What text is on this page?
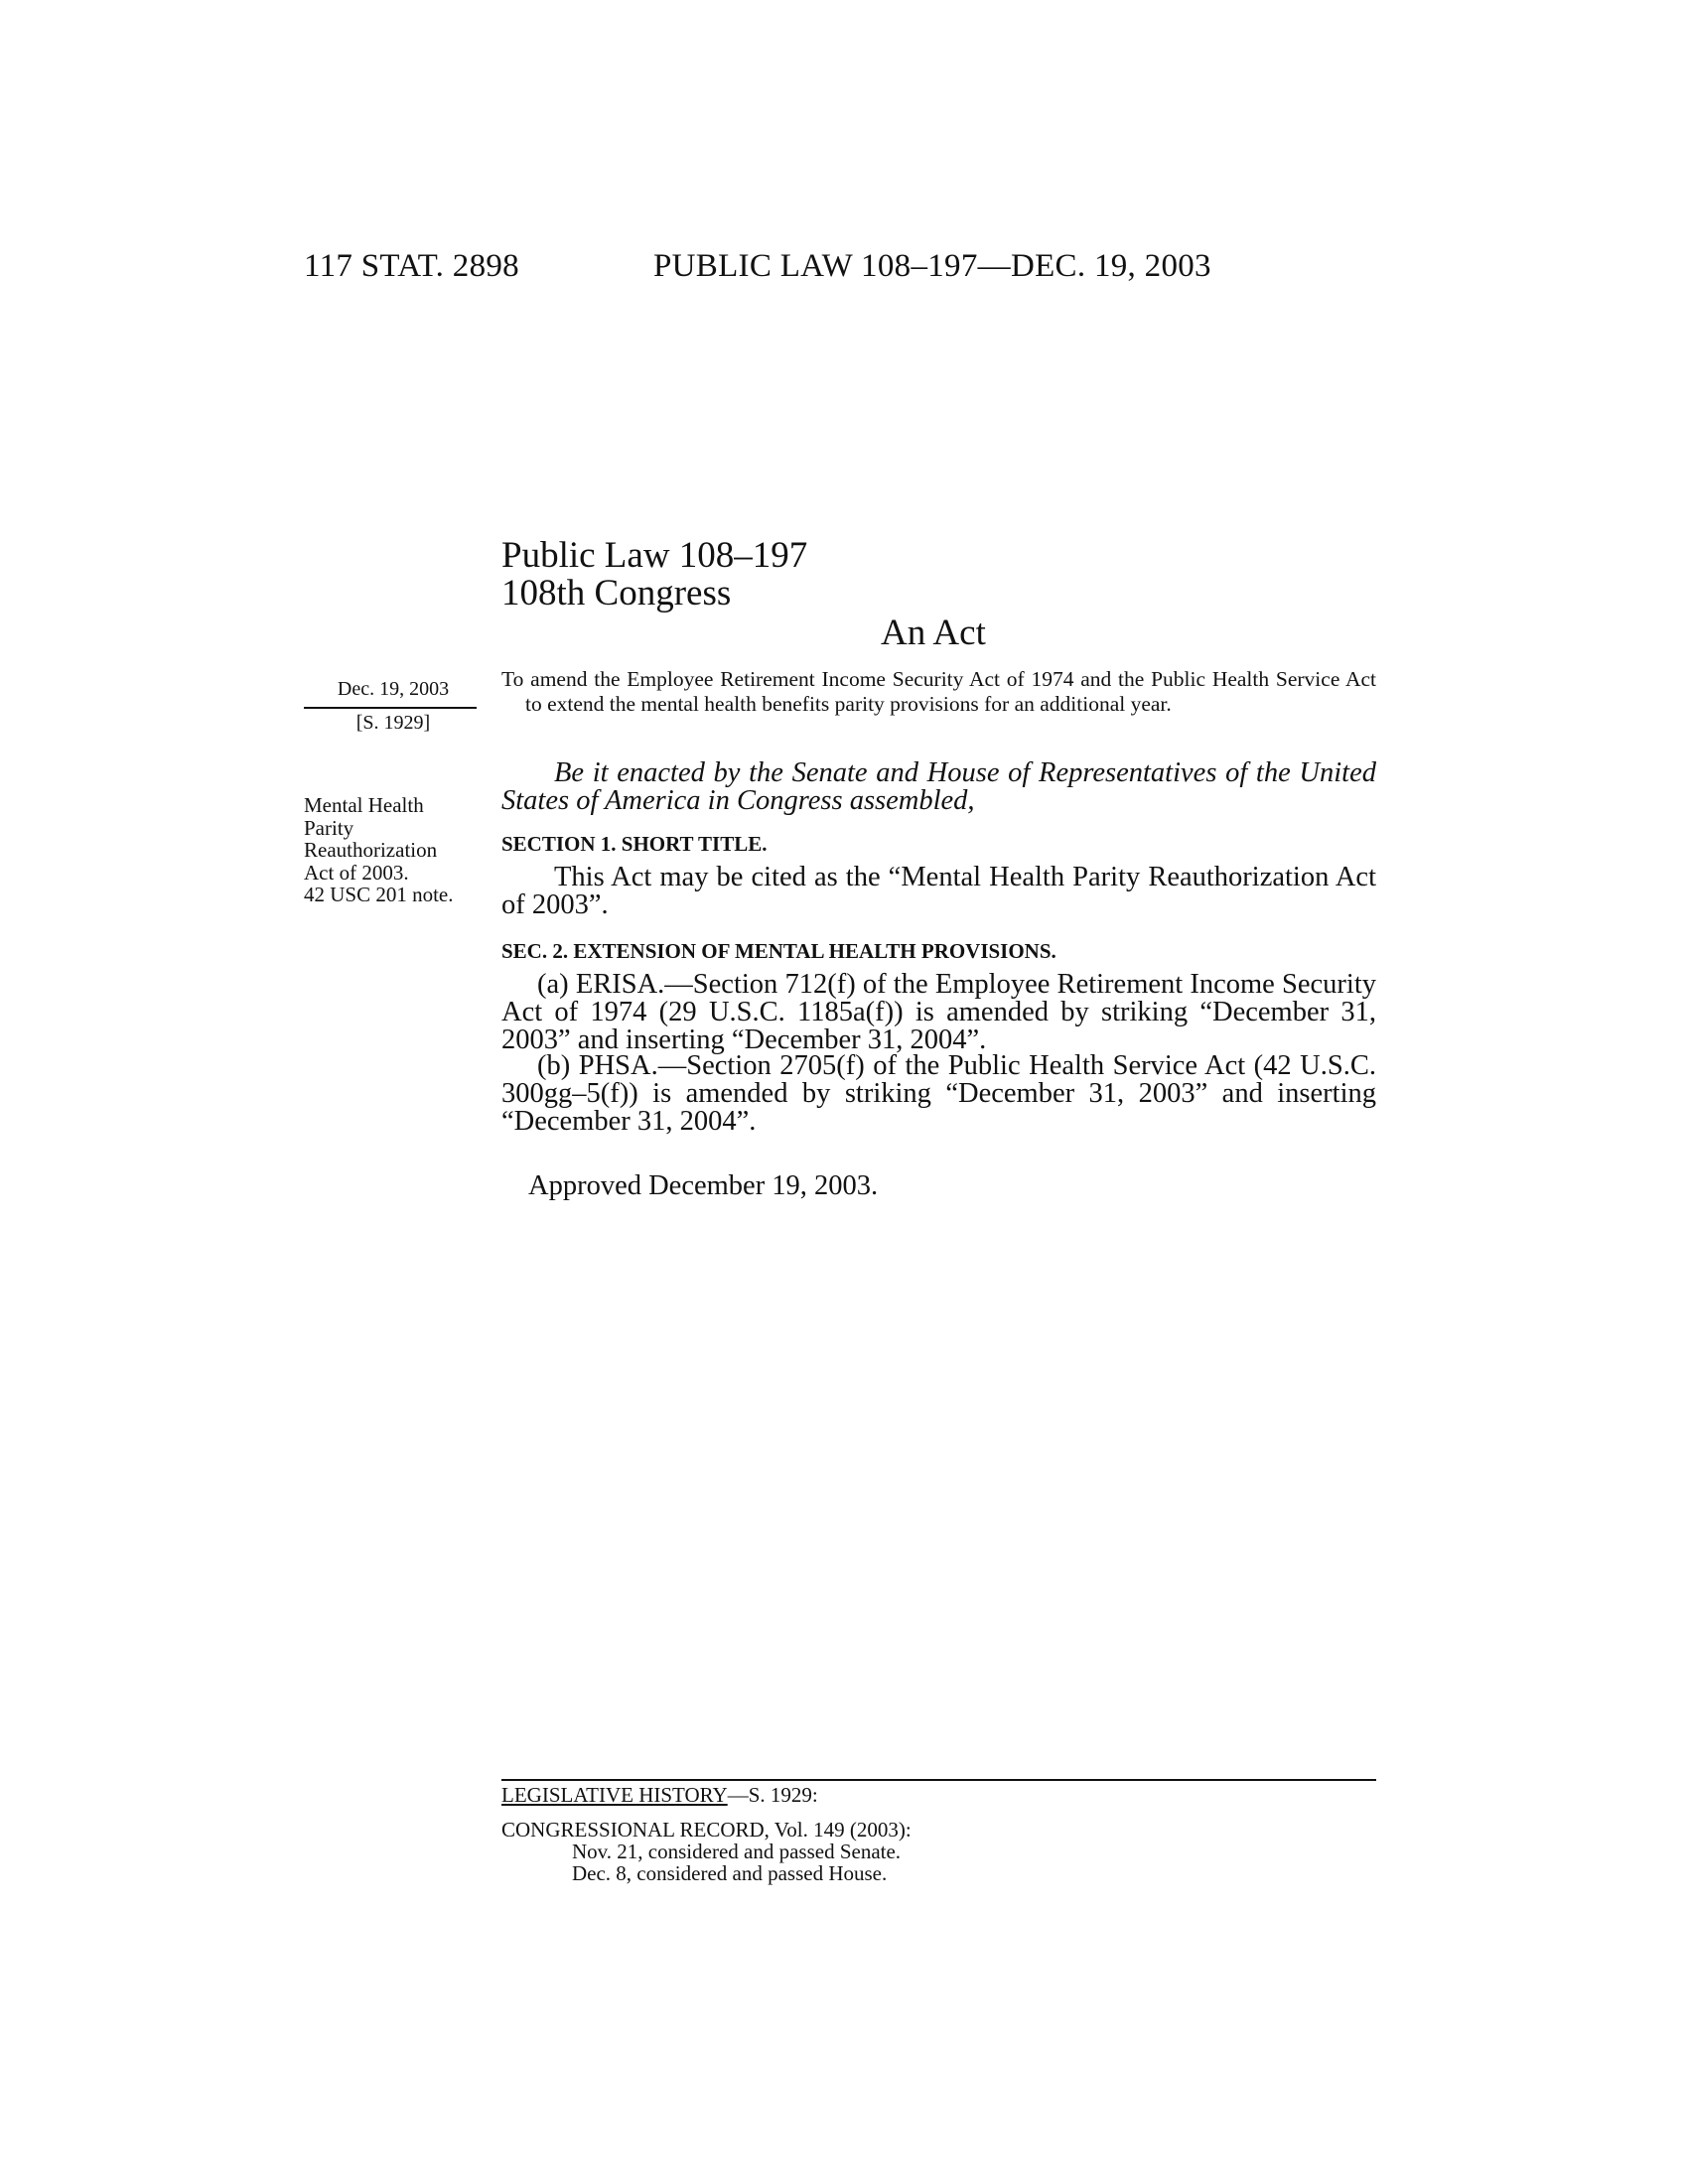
117 STAT. 2898	PUBLIC LAW 108–197—DEC. 19, 2003
Public Law 108–197
108th Congress
An Act
Dec. 19, 2003
[S. 1929]
Mental Health
Parity
Reauthorization
Act of 2003.
42 USC 201 note.
To amend the Employee Retirement Income Security Act of 1974 and the Public Health Service Act to extend the mental health benefits parity provisions for an additional year.
Be it enacted by the Senate and House of Representatives of the United States of America in Congress assembled,
SECTION 1. SHORT TITLE.
This Act may be cited as the “Mental Health Parity Reauthorization Act of 2003”.
SEC. 2. EXTENSION OF MENTAL HEALTH PROVISIONS.
(a) ERISA.—Section 712(f) of the Employee Retirement Income Security Act of 1974 (29 U.S.C. 1185a(f)) is amended by striking “December 31, 2003” and inserting “December 31, 2004”.
(b) PHSA.—Section 2705(f) of the Public Health Service Act (42 U.S.C. 300gg–5(f)) is amended by striking “December 31, 2003” and inserting “December 31, 2004”.
Approved December 19, 2003.
LEGISLATIVE HISTORY—S. 1929:
CONGRESSIONAL RECORD, Vol. 149 (2003):
Nov. 21, considered and passed Senate.
Dec. 8, considered and passed House.
